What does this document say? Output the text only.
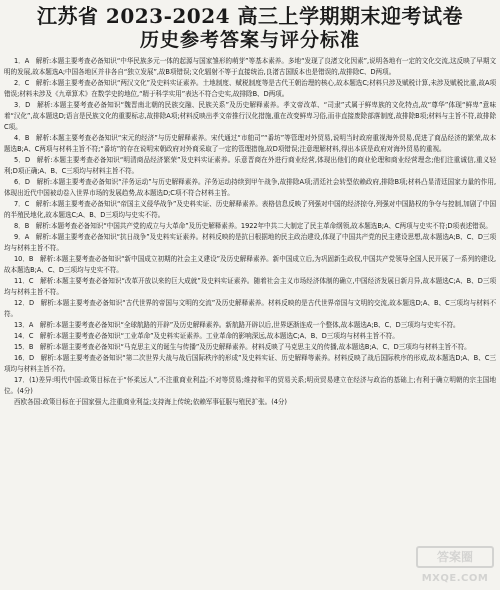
江苏省 2023-2024 高三上学期期末迎考试卷
历史参考答案与评分标准

1．A　解析:本题主要考查必备知识“中华民族多元一体的起源与国家雏形的萌芽”等基本素养。多地“发现了良渚文化因素”,说明各地有一定的文化交流,这反映了早期文明的发展,故本题选A;中国各地区并非各自“独立发展”,故B项错误;文化辐射不等于直接统治,良渚古国版本也是错误的,故排除C、D两项。

2．C　解析:本题主要考查必备知识“两汉文化”及史料实证素养。土地制度、赋税制度等是古代王朝治理的核心,故本题选C;材料只涉及赋税计算,未涉及赋税比重,故A项错误;材料未涉及《九章算术》在数学史的地位,“精于科学实用”表达不符合史实,故排除B、D两项。

3．D　解析:本题主要考查必备知识“魏晋南北朝的民族交融、民族关系”及历史解释素养。孝文帝改革、“司隶”式属于鲜卑族的文化特点,故“尊华”体现“鲜卑”意味着“汉化”,故本题选D;语言是民族文化的重要标志,故排除A项;材料反映出孝文帝推行汉化措施,重在改变鲜卑习俗,而非直接废除部落制度,故排除B项;材料与主旨不符,故排除C项。

4．B　解析:本题主要考查必备知识“宋元的经济”与历史解释素养。宋代通过“市舶司”“番坊”等管理对外贸易,说明当时政府重视海外贸易,促进了商品经济的繁荣,故本题选B;A、C两项与材料主旨不符;“番坊”的存在说明宋朝政府对外商采取了一定的管理措施,故D项错误;注意理解材料,得出本质是政府对海外贸易的重视。

5．D　解析:本题主要考查必备知识“明清商品经济繁荣”及史料实证素养。乐意晋商在外进行商业经营,体现出他们的商业伦理和商业经营理念;他们注重诚信,重义轻利;D项正确;A、B、C三项均与材料主旨不符。

6．D　解析:本题主要考查必备知识“洋务运动”与历史解释素养。洋务运动持续到甲午战争,故排除A项;清廷社会转型依赖政府,排除B项;材料凸显清廷国家力量的作用,体现出近代中国被动卷入世界市场的发展趋势,故本题选D;C项不符合材料主旨。

7．C　解析:本题主要考查必备知识“帝国主义侵华战争”及史料实证、历史解释素养。表格信息反映了列强对中国的经济掠夺,列强对中国路权的争夺与控制,加剧了中国的半殖民地化,故本题选C;A、B、D三项均与史实不符。

8．B　解析:本题考查必备知识“中国共产党的成立与大革命”及历史解释素养。1922年中共二大制定了民主革命纲领,故本题选B;A、C两项与史实不符;D项表述错误。

9．A　解析:本题主要考查必备知识“抗日战争”及史料实证素养。材料反映的是抗日根据地的民主政治建设,体现了中国共产党的民主建设思想,故本题选A;B、C、D三项均与材料主旨不符。

10．B　解析:本题主要考查必备知识“新中国成立初期的社会主义建设”及历史解释素养。新中国成立后,为巩固新生政权,中国共产党领导全国人民开展了一系列的建设,故本题选B;A、C、D三项均与史实不符。

11．C　解析:本题主要考查必备知识“改革开放以来的巨大成就”及史料实证素养。随着社会主义市场经济体制的确立,中国经济发展日新月异,故本题选C;A、B、D三项均与材料主旨不符。

12．D　解析:本题主要考查必备知识“古代世界的帝国与文明的交流”及历史解释素养。材料反映的是古代世界帝国与文明的交流,故本题选D;A、B、C三项均与材料不符。

13．A　解析:本题主要考查必备知识“全球航路的开辟”及历史解释素养。新航路开辟以后,世界逐渐连成一个整体,故本题选A;B、C、D三项均与史实不符。

14．C　解析:本题主要考查必备知识“工业革命”及史料实证素养。工业革命的影响深远,故本题选C;A、B、D三项均与材料主旨不符。

15．B　解析:本题主要考查必备知识“马克思主义的诞生与传播”及历史解释素养。材料反映了马克思主义的传播,故本题选B;A、C、D三项均与材料主旨不符。

16．D　解析:本题主要考查必备知识“第二次世界大战与战后国际秩序的形成”及史料实证、历史解释等素养。材料反映了战后国际秩序的形成,故本题选D;A、B、C三项均与材料主旨不符。

17．(1)差异:明代中国:政策目标在于“怀柔远人”,不注重商业利益;不对等贸易;维持和平的贸易关系;明贡贸易建立在经济与政治的基础上;有利于确立明朝的宗主国地位。(4分)

西欧各国:政策目标在于国家强大,注重商业利益;支持海上传统;依赖军事征服与殖民扩张。(4分)

答案圈
MXQE.COM
